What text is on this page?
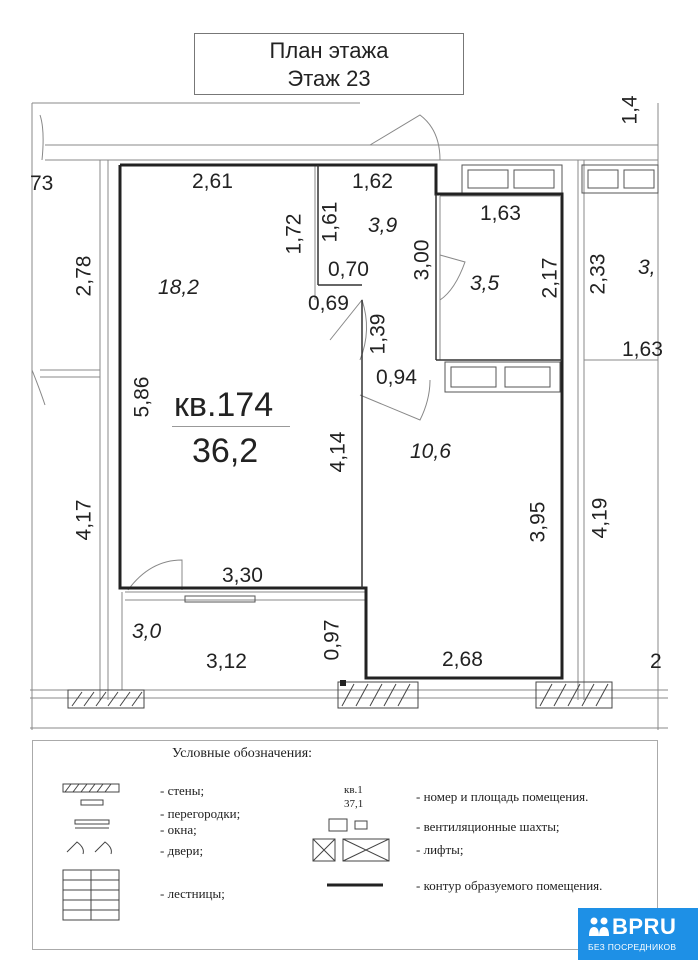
План этажа
Этаж 23
73
2,78
2,61	1,62
1,72 1,61
3,00
0,70
0,69
1,39
1,63
2,17 2,33
1,63
0,94
5,86
4,14
4,17	3,95 4,19
3,30
3,12
0,97	2,68
1,4
2
18,2
3,9
3,5
10,6
3,0
3,
кв.174
36,2
Условные обозначения:
- стены;
- перегородки;
- окна;
- двери;
- лестницы;
кв.1
37,1	- номер и площадь помещения.
- вентиляционные шахты;
- лифты;
- контур образуемого помещения.
BPRU
БЕЗ ПОСРЕДНИКОВ
